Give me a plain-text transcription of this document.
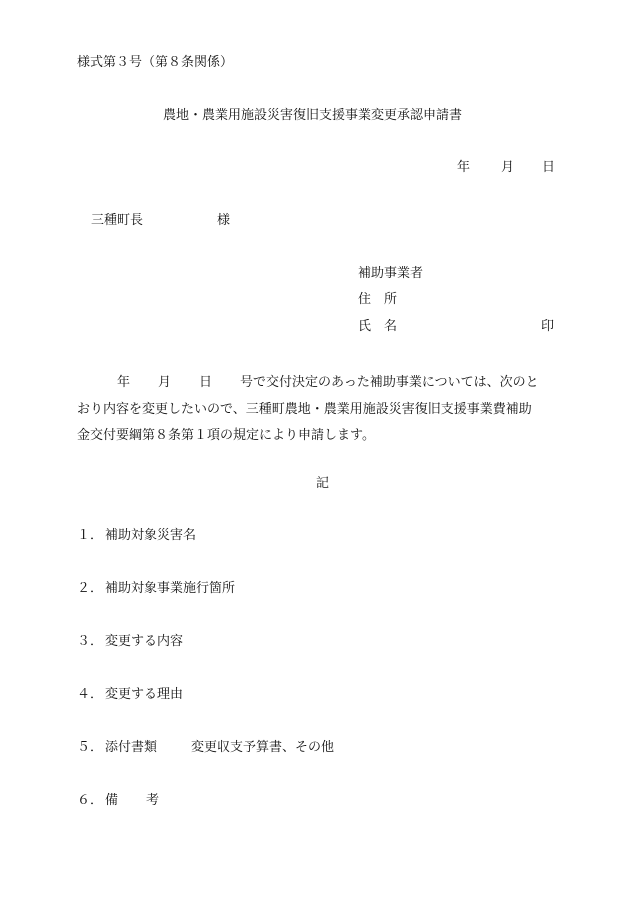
様式第３号（第８条関係）

農地・農業用施設災害復旧支援事業変更承認申請書

年 月 日
三種町長	様
補助事業者
住 所
氏 名	印
年 月 日 号で交付決定のあった補助事業については、次のと
おり内容を変更したいので、三種町農地・農業用施設災害復旧支援事業費補助
金交付要綱第８条第１項の規定により申請します。
記
１． 補助対象災害名
２． 補助対象事業施行箇所
３． 変更する内容
４． 変更する理由
５． 添付書類	変更収支予算書、その他
６． 備 考
